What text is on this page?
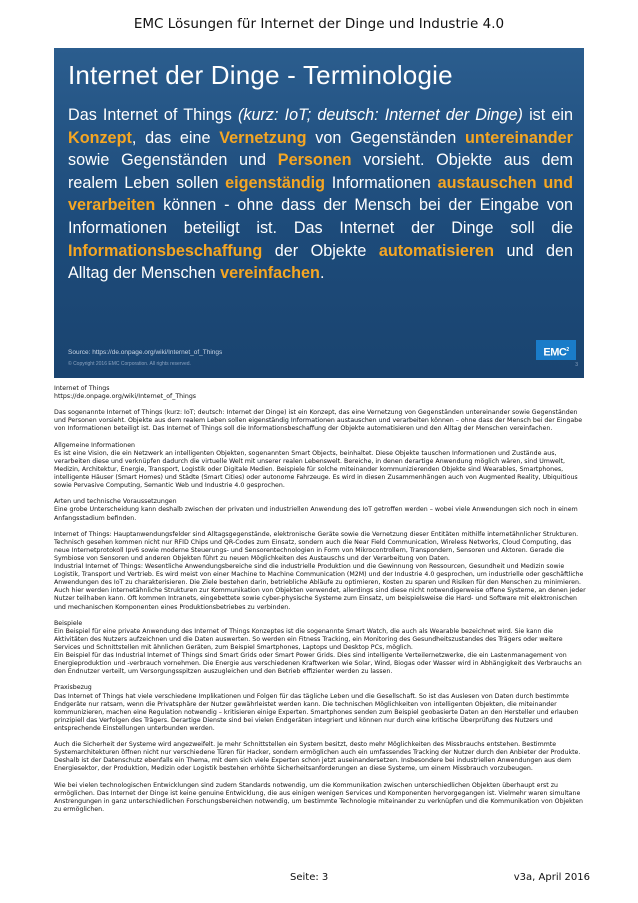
EMC Lösungen für Internet der Dinge und Industrie 4.0
Internet der Dinge - Terminologie
Das Internet of Things (kurz: IoT; deutsch: Internet der Dinge) ist ein Konzept, das eine Vernetzung von Gegenständen untereinander sowie Gegenständen und Personen vorsieht. Objekte aus dem realem Leben sollen eigenständig Informationen austauschen und verarbeiten können - ohne dass der Mensch bei der Eingabe von Informationen beteiligt ist. Das Internet der Dinge soll die Informationsbeschaffung der Objekte automatisieren und den Alltag der Menschen vereinfachen.
Source: https://de.onpage.org/wiki/Internet_of_Things
© Copyright 2016 EMC Corporation. All rights reserved.	3
EMC$^2$

Internet of Things
https://de.onpage.org/wiki/Internet_of_Things

Das sogenannte Internet of Things (kurz: IoT; deutsch: Internet der Dinge) ist ein Konzept, das eine Vernetzung von Gegenständen untereinander sowie Gegenständen und Personen vorsieht. Objekte aus dem realem Leben sollen eigenständig Informationen austauschen und verarbeiten können – ohne dass der Mensch bei der Eingabe von Informationen beteiligt ist. Das Internet of Things soll die Informationsbeschaffung der Objekte automatisieren und den Alltag der Menschen vereinfachen.

Allgemeine Informationen
Es ist eine Vision, die ein Netzwerk an intelligenten Objekten, sogenannten Smart Objects, beinhaltet. Diese Objekte tauschen Informationen und Zustände aus, verarbeiten diese und verknüpfen dadurch die virtuelle Welt mit unserer realen Lebenswelt. Bereiche, in denen derartige Anwendung möglich wären, sind Umwelt, Medizin, Architektur, Energie, Transport, Logistik oder Digitale Medien. Beispiele für solche miteinander kommunizierenden Objekte sind Wearables, Smartphones, intelligente Häuser (Smart Homes) und Städte (Smart Cities) oder autonome Fahrzeuge. Es wird in diesen Zusammenhängen auch von Augmented Reality, Ubiquitious sowie Pervasive Computing, Semantic Web und Industrie 4.0 gesprochen.

Arten und technische Voraussetzungen
Eine grobe Unterscheidung kann deshalb zwischen der privaten und industriellen Anwendung des IoT getroffen werden – wobei viele Anwendungen sich noch in einem Anfangsstadium befinden.

Internet of Things: Hauptanwendungsfelder sind Alltagsgegenstände, elektronische Geräte sowie die Vernetzung dieser Entitäten mithilfe internetähnlicher Strukturen. Technisch gesehen kommen nicht nur RFID Chips und QR-Codes zum Einsatz, sondern auch die Near Field Communication, Wireless Networks, Cloud Computing, das neue Internetprotokoll Ipv6 sowie moderne Steuerungs- und Sensorentechnologien in Form von Mikrocontrollern, Transpondern, Sensoren und Aktoren. Gerade die Symbiose von Sensoren und anderen Objekten führt zu neuen Möglichkeiten des Austauschs und der Verarbeitung von Daten.
Industrial Internet of Things: Wesentliche Anwendungsbereiche sind die industrielle Produktion und die Gewinnung von Ressourcen, Gesundheit und Medizin sowie Logistik, Transport und Vertrieb. Es wird meist von einer Machine to Machine Communication (M2M) und der Industrie 4.0 gesprochen, um industrielle oder geschäftliche Anwendungen des IoT zu charakterisieren. Die Ziele bestehen darin, betriebliche Abläufe zu optimieren, Kosten zu sparen und Risiken für den Menschen zu minimieren. Auch hier werden internetähnliche Strukturen zur Kommunikation von Objekten verwendet, allerdings sind diese nicht notwendigerweise offene Systeme, an denen jeder Nutzer teilhaben kann. Oft kommen Intranets, eingebettete sowie cyber-physische Systeme zum Einsatz, um beispielsweise die Hard- und Software mit elektronischen und mechanischen Komponenten eines Produktionsbetriebes zu verbinden.

Beispiele
Ein Beispiel für eine private Anwendung des Internet of Things Konzeptes ist die sogenannte Smart Watch, die auch als Wearable bezeichnet wird. Sie kann die Aktivitäten des Nutzers aufzeichnen und die Daten auswerten. So werden ein Fitness Tracking, ein Monitoring des Gesundheitszustandes des Trägers oder weitere Services und Schnittstellen mit ähnlichen Geräten, zum Beispiel Smartphones, Laptops und Desktop PCs, möglich.
Ein Beispiel für das Industrial Internet of Things sind Smart Grids oder Smart Power Grids. Dies sind intelligente Verteilernetzwerke, die ein Lastenmanagement von Energieproduktion und -verbrauch vornehmen. Die Energie aus verschiedenen Kraftwerken wie Solar, Wind, Biogas oder Wasser wird in Abhängigkeit des Verbrauchs an den Endnutzer verteilt, um Versorgungsspitzen auszugleichen und den Betrieb effizienter werden zu lassen.

Praxisbezug
Das Internet of Things hat viele verschiedene Implikationen und Folgen für das tägliche Leben und die Gesellschaft. So ist das Auslesen von Daten durch bestimmte Endgeräte nur ratsam, wenn die Privatsphäre der Nutzer gewährleistet werden kann. Die technischen Möglichkeiten von intelligenten Objekten, die miteinander kommunizieren, machen eine Regulation notwendig – kritisieren einige Experten. Smartphones senden zum Beispiel geobasierte Daten an den Hersteller und erlauben prinzipiell das Verfolgen des Trägers. Derartige Dienste sind bei vielen Endgeräten integriert und können nur durch eine kritische Überprüfung des Nutzers und entsprechende Einstellungen unterbunden werden.

Auch die Sicherheit der Systeme wird angezweifelt. Je mehr Schnittstellen ein System besitzt, desto mehr Möglichkeiten des Missbrauchs entstehen. Bestimmte Systemarchitekturen öffnen nicht nur verschiedene Türen für Hacker, sondern ermöglichen auch ein umfassendes Tracking der Nutzer durch den Anbieter der Produkte. Deshalb ist der Datenschutz ebenfalls ein Thema, mit dem sich viele Experten schon jetzt auseinandersetzen. Insbesondere bei industriellen Anwendungen aus dem Energiesektor, der Produktion, Medizin oder Logistik bestehen erhöhte Sicherheitsanforderungen an diese Systeme, um einem Missbrauch vorzubeugen.

Wie bei vielen technologischen Entwicklungen sind zudem Standards notwendig, um die Kommunikation zwischen unterschiedlichen Objekten überhaupt erst zu ermöglichen. Das Internet der Dinge ist keine genuine Entwicklung, die aus einigen wenigen Services und Komponenten hervorgegangen ist. Vielmehr waren simultane Anstrengungen in ganz unterschiedlichen Forschungsbereichen notwendig, um bestimmte Technologie miteinander zu verknüpfen und die Kommunikation von Objekten zu ermöglichen.

Seite: 3	v3a, April 2016
